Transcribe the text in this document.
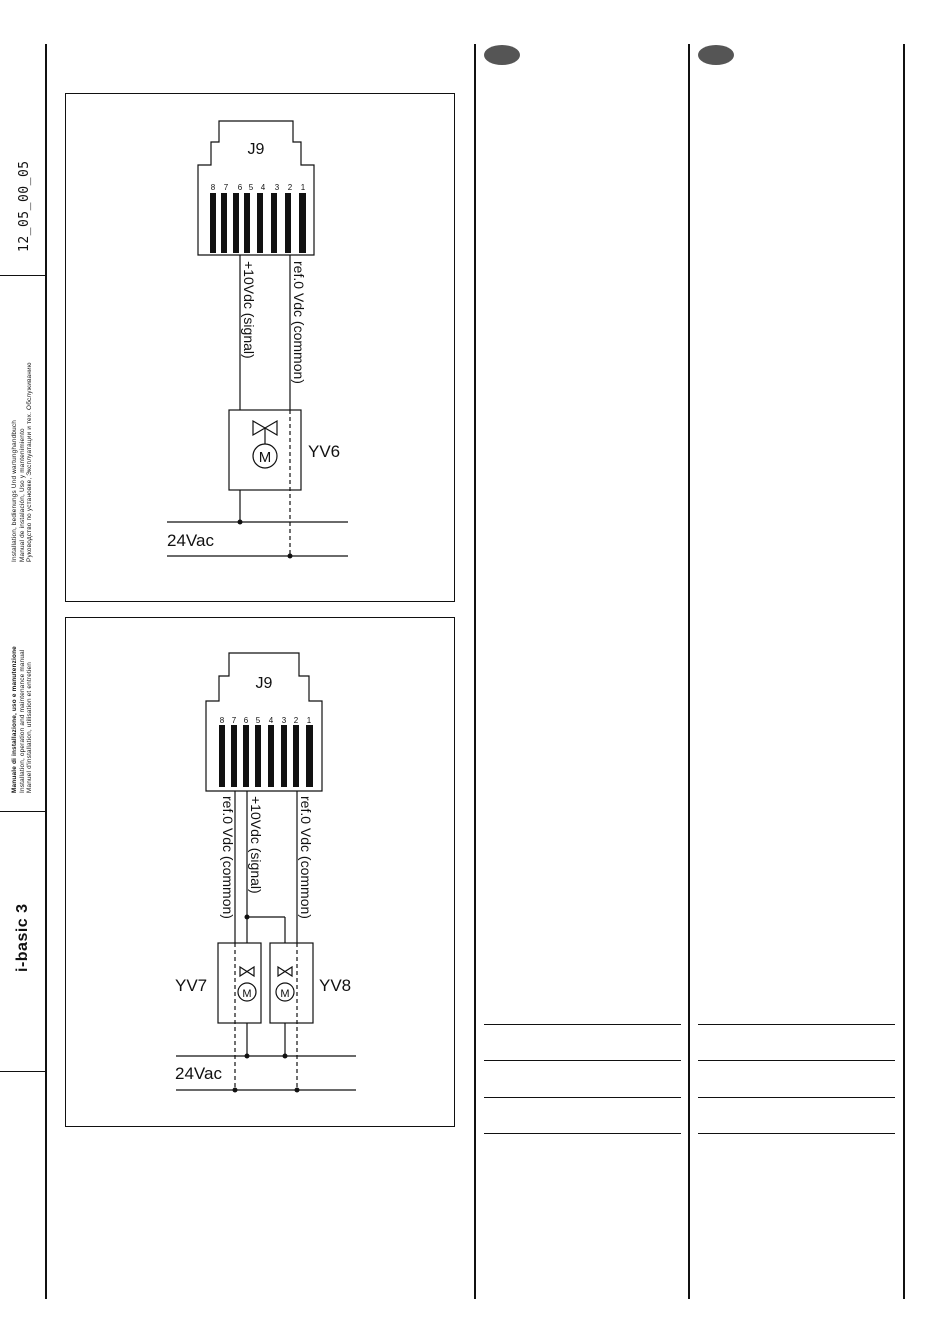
12_05_00_05
Installation, bedienungs Und wartunghandbuch Manual de instalación, Uso y mantenimiento Руководство по установке, Эксплуатации и тех. Обслуживанию
Manuale di installazione, uso e manutenzione Installation, operation and maintenance manual Manuel d'installation, utilisation et entretien
i-basic 3
J9
8 7 6 5 4 3 2 1
+10Vdc (signal) ref.0 Vdc (common)
M YV6
24Vac
J9
8 7 6 5 4 3 2 1
ref.0 Vdc (common) +10Vdc (signal) ref.0 Vdc (common)
M	M
YV7	YV8
24Vac
